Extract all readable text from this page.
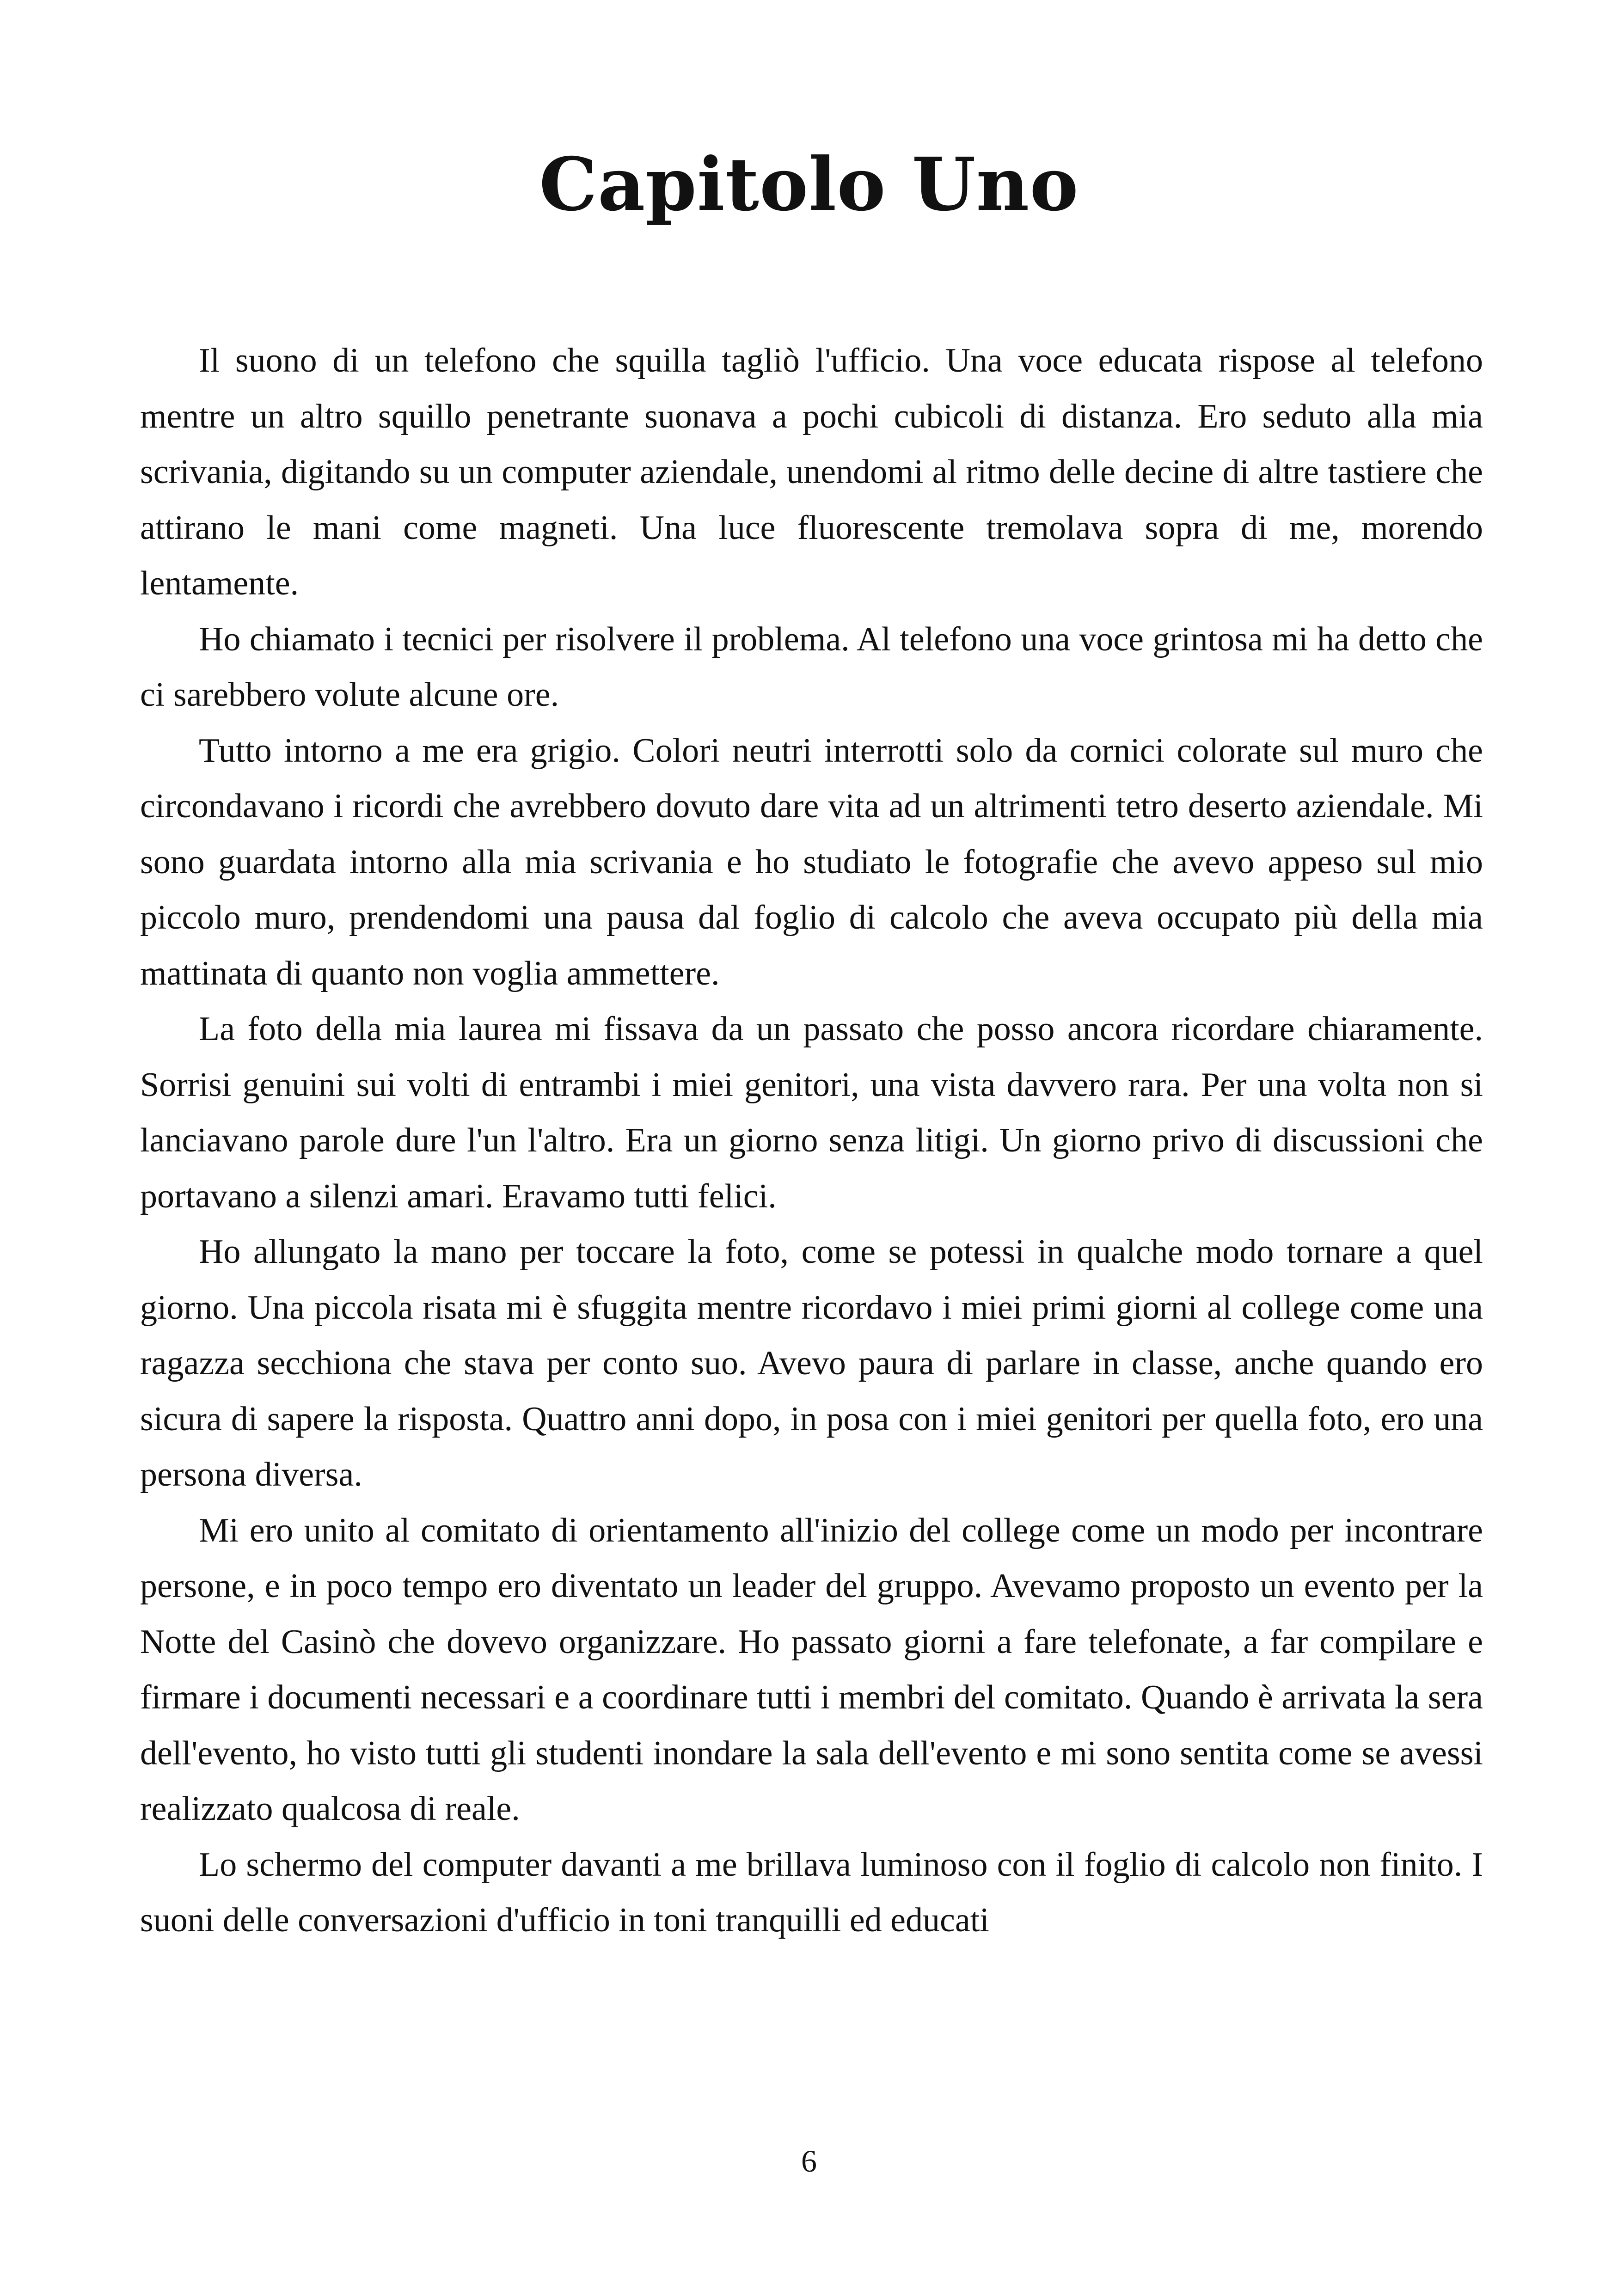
Capitolo Uno

Il suono di un telefono che squilla tagliò l'ufficio. Una voce educata rispose al telefono mentre un altro squillo penetrante suonava a pochi cubicoli di distanza. Ero seduto alla mia scrivania, digitando su un computer aziendale, unendomi al ritmo delle decine di altre tastiere che attirano le mani come magneti. Una luce fluorescente tremolava sopra di me, morendo lentamente.

Ho chiamato i tecnici per risolvere il problema. Al telefono una voce grintosa mi ha detto che ci sarebbero volute alcune ore.

Tutto intorno a me era grigio. Colori neutri interrotti solo da cornici colorate sul muro che circondavano i ricordi che avrebbero dovuto dare vita ad un altrimenti tetro deserto aziendale. Mi sono guardata intorno alla mia scrivania e ho studiato le fotografie che avevo appeso sul mio piccolo muro, prendendomi una pausa dal foglio di calcolo che aveva occupato più della mia mattinata di quanto non voglia ammettere.

La foto della mia laurea mi fissava da un passato che posso ancora ricordare chiaramente. Sorrisi genuini sui volti di entrambi i miei genitori, una vista davvero rara. Per una volta non si lanciavano parole dure l'un l'altro. Era un giorno senza litigi. Un giorno privo di discussioni che portavano a silenzi amari. Eravamo tutti felici.

Ho allungato la mano per toccare la foto, come se potessi in qualche modo tornare a quel giorno. Una piccola risata mi è sfuggita mentre ricordavo i miei primi giorni al college come una ragazza secchiona che stava per conto suo. Avevo paura di parlare in classe, anche quando ero sicura di sapere la risposta. Quattro anni dopo, in posa con i miei genitori per quella foto, ero una persona diversa.

Mi ero unito al comitato di orientamento all'inizio del college come un modo per incontrare persone, e in poco tempo ero diventato un leader del gruppo. Avevamo proposto un evento per la Notte del Casinò che dovevo organizzare. Ho passato giorni a fare telefonate, a far compilare e firmare i documenti necessari e a coordinare tutti i membri del comitato. Quando è arrivata la sera dell'evento, ho visto tutti gli studenti inondare la sala dell'evento e mi sono sentita come se avessi realizzato qualcosa di reale.

Lo schermo del computer davanti a me brillava luminoso con il foglio di calcolo non finito. I suoni delle conversazioni d'ufficio in toni tranquilli ed educati

6
